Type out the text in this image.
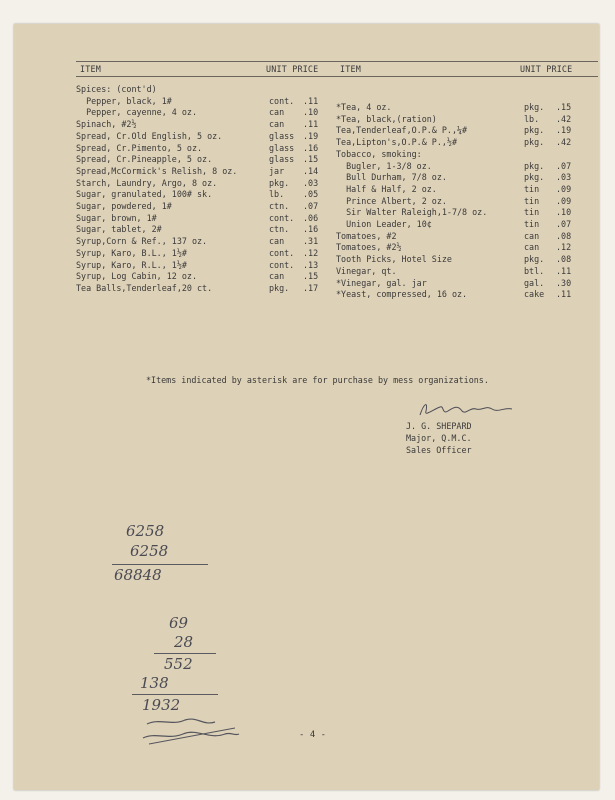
ITEM	UNIT PRICE	ITEM	UNIT PRICE
Spices: (cont'd)
Pepper, black, 1#	cont. .11
Pepper, cayenne, 4 oz.	can .10
Spinach, #2½	can .11
Spread, Cr.Old English, 5 oz.	glass .19
Spread, Cr.Pimento, 5 oz.	glass .16
Spread, Cr.Pineapple, 5 oz.	glass .15
Spread,McCormick's Relish, 8 oz.	jar .14
Starch, Laundry, Argo, 8 oz.	pkg. .03
Sugar, granulated, 100# sk.	lb. .05
Sugar, powdered, 1#	ctn. .07
Sugar, brown, 1#	cont. .06
Sugar, tablet, 2#	ctn. .16
Syrup,Corn & Ref., 137 oz.	can .31
Syrup, Karo, B.L., 1½#	cont. .12
Syrup, Karo, R.L., 1½#	cont. .13
Syrup, Log Cabin, 12 oz.	can .15
Tea Balls,Tenderleaf,20 ct.	pkg. .17
*Tea, 4 oz.	pkg. .15
*Tea, black,(ration)	lb. .42
Tea,Tenderleaf,O.P.& P.,¼#	pkg. .19
Tea,Lipton's,O.P.& P.,½#	pkg. .42
Tobacco, smoking:
Bugler, 1-3/8 oz.	pkg. .07
Bull Durham, 7/8 oz.	pkg. .03
Half & Half, 2 oz.	tin .09
Prince Albert, 2 oz.	tin .09
Sir Walter Raleigh,1-7/8 oz.	tin .10
Union Leader, 10¢	tin .07
Tomatoes, #2	can .08
Tomatoes, #2½	can .12
Tooth Picks, Hotel Size	pkg. .08
Vinegar, qt.	btl. .11
*Vinegar, gal. jar	gal. .30
*Yeast, compressed, 16 oz.	cake .11
*Items indicated by asterisk are for purchase by mess organizations.
J. G. SHEPARD
Major, Q.M.C.
Sales Officer
6258
6258
68848
69
28
552
138
1932
- 4 -
